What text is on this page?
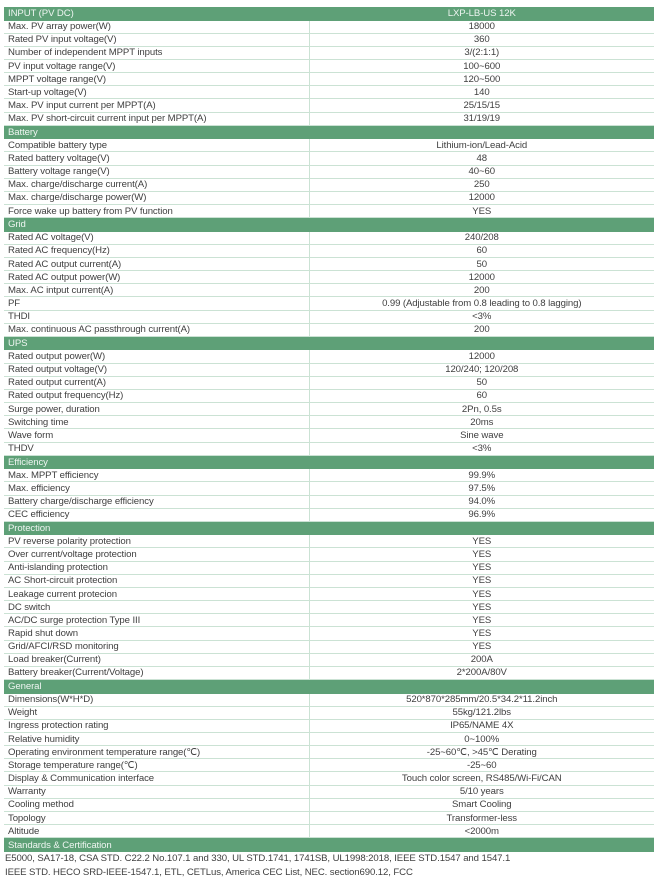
INPUT (PV DC)	LXP-LB-US 12K
Max. PV array power(W)	18000
Rated PV input voltage(V)	360
Number of independent MPPT inputs	3/(2:1:1)
PV input voltage range(V)	100~600
MPPT voltage range(V)	120~500
Start-up voltage(V)	140
Max. PV input current per MPPT(A)	25/15/15
Max. PV short-circuit current input per MPPT(A)	31/19/19
Battery
Compatible battery type	Lithium-ion/Lead-Acid
Rated battery voltage(V)	48
Battery voltage range(V)	40~60
Max. charge/discharge current(A)	250
Max. charge/discharge power(W)	12000
Force wake up battery from PV function	YES
Grid
Rated AC voltage(V)	240/208
Rated AC frequency(Hz)	60
Rated AC output current(A)	50
Rated AC output power(W)	12000
Max. AC intput current(A)	200
PF	0.99 (Adjustable from 0.8 leading to 0.8 lagging)
THDI	<3%
Max. continuous AC passthrough current(A)	200
UPS
Rated output power(W)	12000
Rated output voltage(V)	120/240; 120/208
Rated output current(A)	50
Rated output frequency(Hz)	60
Surge power, duration	2Pn, 0.5s
Switching time	20ms
Wave form	Sine wave
THDV	<3%
Efficiency
Max. MPPT efficiency	99.9%
Max. efficiency	97.5%
Battery charge/discharge efficiency	94.0%
CEC efficiency	96.9%
Protection
PV reverse polarity protection	YES
Over current/voltage protection	YES
Anti-islanding protection	YES
AC Short-circuit protection	YES
Leakage current protecion	YES
DC switch	YES
AC/DC surge protection Type III	YES
Rapid shut down	YES
Grid/AFCI/RSD monitoring	YES
Load breaker(Current)	200A
Battery breaker(Current/Voltage)	2*200A/80V
General
Dimensions(W*H*D)	520*870*285mm/20.5*34.2*11.2inch
Weight	55kg/121.2lbs
Ingress protection rating	IP65/NAME 4X
Relative humidity	0~100%
Operating environment temperature range(℃)	-25~60℃, >45℃ Derating
Storage temperature range(℃)	-25~60
Display & Communication interface	Touch color screen, RS485/Wi-Fi/CAN
Warranty	5/10 years
Cooling method	Smart Cooling
Topology	Transformer-less
Altitude	<2000m
Standards & Certification
E5000, SA17-18, CSA STD. C22.2 No.107.1 and 330, UL STD.1741, 1741SB, UL1998:2018, IEEE STD.1547 and 1547.1
IEEE STD. HECO SRD-IEEE-1547.1, ETL, CETLus, America CEC List, NEC. section690.12, FCC
